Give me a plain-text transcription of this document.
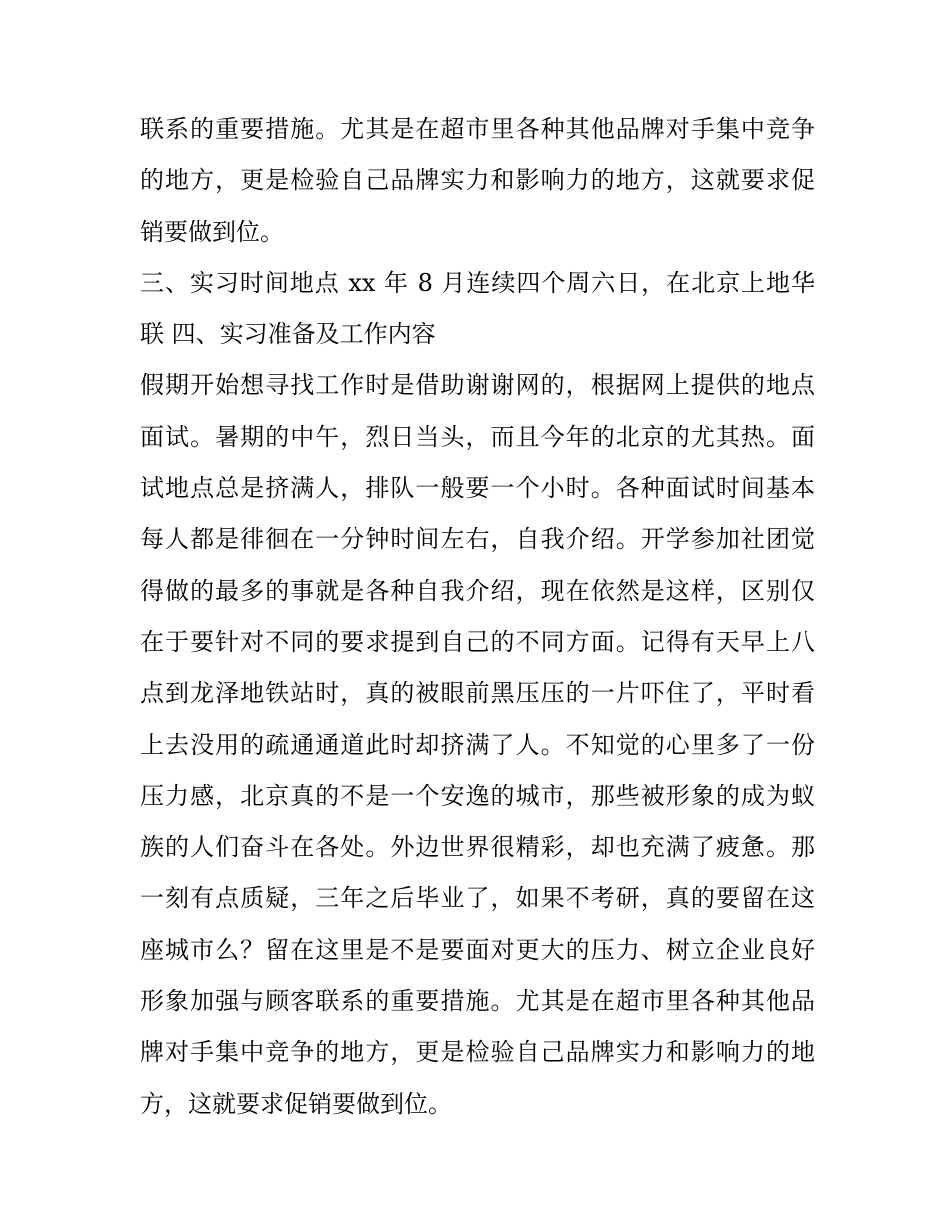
联系的重要措施。尤其是在超市里各种其他品牌对手集中竞争
的地方，更是检验自己品牌实力和影响力的地方，这就要求促
销要做到位。
三、实习时间地点 xx 年 8 月连续四个周六日，在北京上地华
联 四、实习准备及工作内容
假期开始想寻找工作时是借助谢谢网的，根据网上提供的地点
面试。暑期的中午，烈日当头，而且今年的北京的尤其热。面
试地点总是挤满人，排队一般要一个小时。各种面试时间基本
每人都是徘徊在一分钟时间左右，自我介绍。开学参加社团觉
得做的最多的事就是各种自我介绍，现在依然是这样，区别仅
在于要针对不同的要求提到自己的不同方面。记得有天早上八
点到龙泽地铁站时，真的被眼前黑压压的一片吓住了，平时看
上去没用的疏通通道此时却挤满了人。不知觉的心里多了一份
压力感，北京真的不是一个安逸的城市，那些被形象的成为蚁
族的人们奋斗在各处。外边世界很精彩，却也充满了疲惫。那
一刻有点质疑，三年之后毕业了，如果不考研，真的要留在这
座城市么？留在这里是不是要面对更大的压力、树立企业良好
形象加强与顾客联系的重要措施。尤其是在超市里各种其他品
牌对手集中竞争的地方，更是检验自己品牌实力和影响力的地
方，这就要求促销要做到位。
